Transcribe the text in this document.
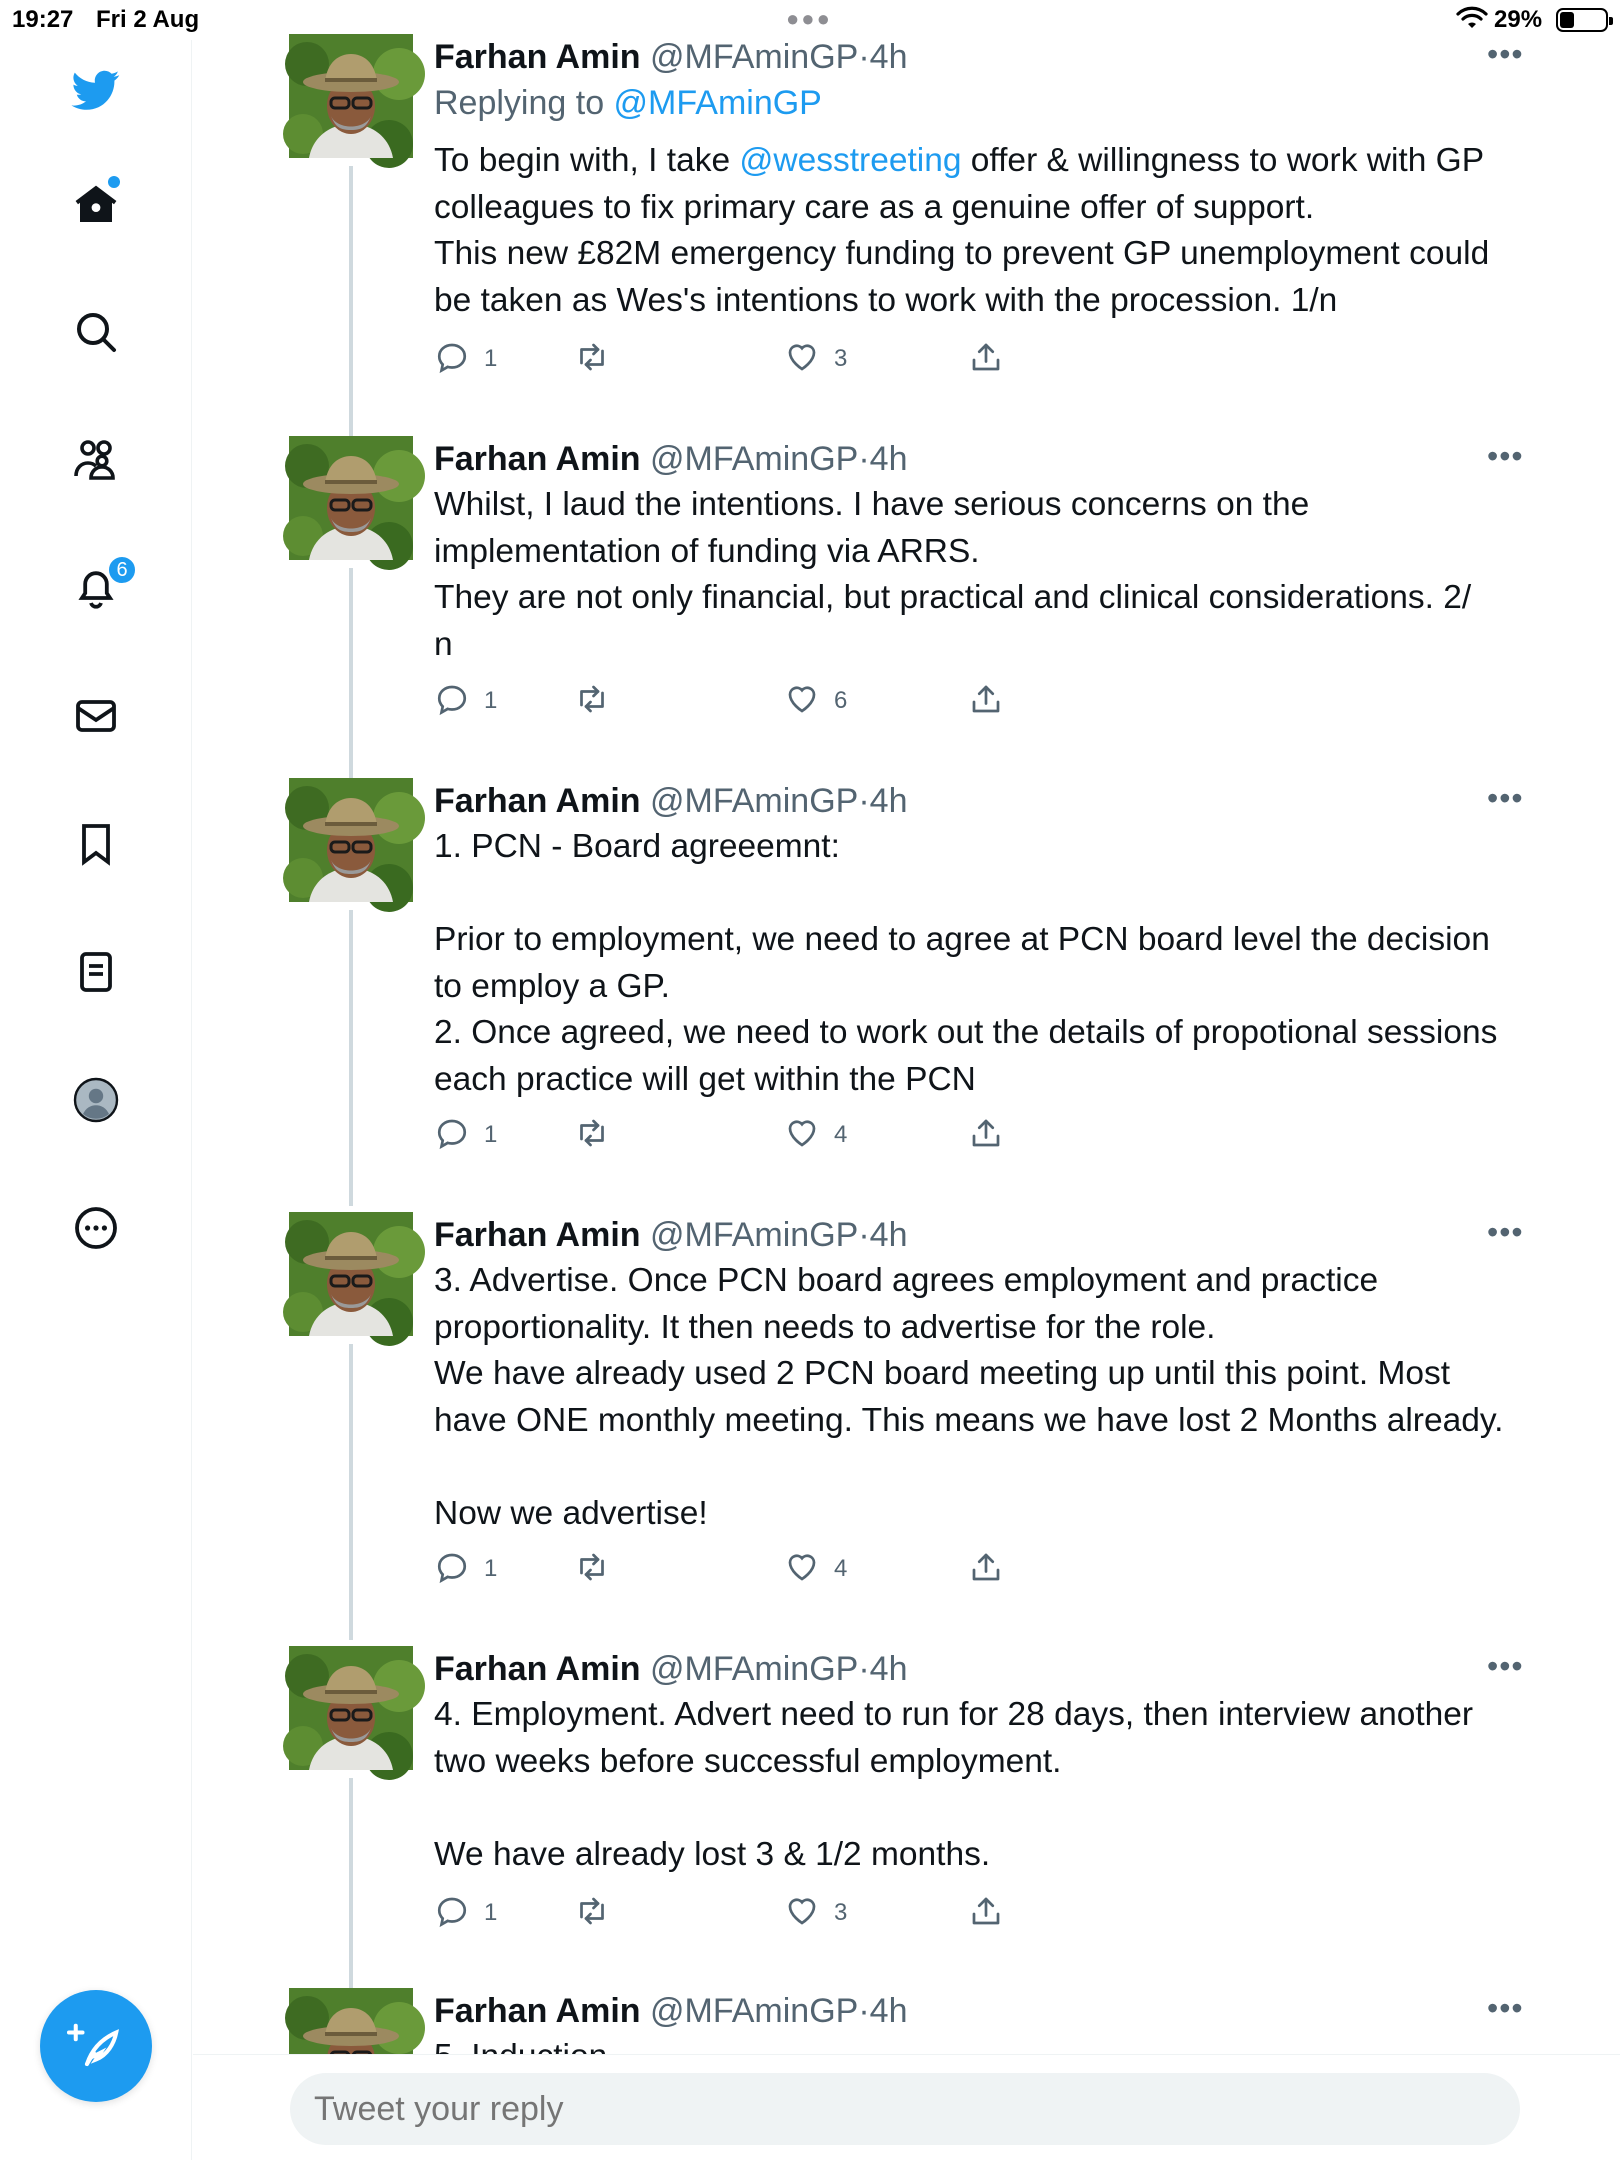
19:27 Fri 2 Aug	●●●	29%
6
Farhan Amin @MFAminGP·4h	•••
Replying to @MFAminGP
To begin with, I take @wesstreeting offer & willingness to work with GP colleagues to fix primary care as a genuine offer of support.
This new £82M emergency funding to prevent GP unemployment could be taken as Wes's intentions to work with the procession. 1/n
1	3
Farhan Amin @MFAminGP·4h	•••
Whilst, I laud the intentions. I have serious concerns on the implementation of funding via ARRS.
They are not only financial, but practical and clinical considerations. 2/
n
1	6
Farhan Amin @MFAminGP·4h	•••
1. PCN - Board agreeemnt:

Prior to employment, we need to agree at PCN board level the decision to employ a GP.
2. Once agreed, we need to work out the details of propotional sessions each practice will get within the PCN
1	4
Farhan Amin @MFAminGP·4h	•••
3. Advertise. Once PCN board agrees employment and practice proportionality. It then needs to advertise for the role.
We have already used 2 PCN board meeting up until this point. Most have ONE monthly meeting. This means we have lost 2 Months already.

Now we advertise!
1	4
Farhan Amin @MFAminGP·4h	•••
4. Employment. Advert need to run for 28 days, then interview another two weeks before successful employment.

We have already lost 3 & 1/2 months.
1	3
Farhan Amin @MFAminGP·4h	•••
Tweet your reply
